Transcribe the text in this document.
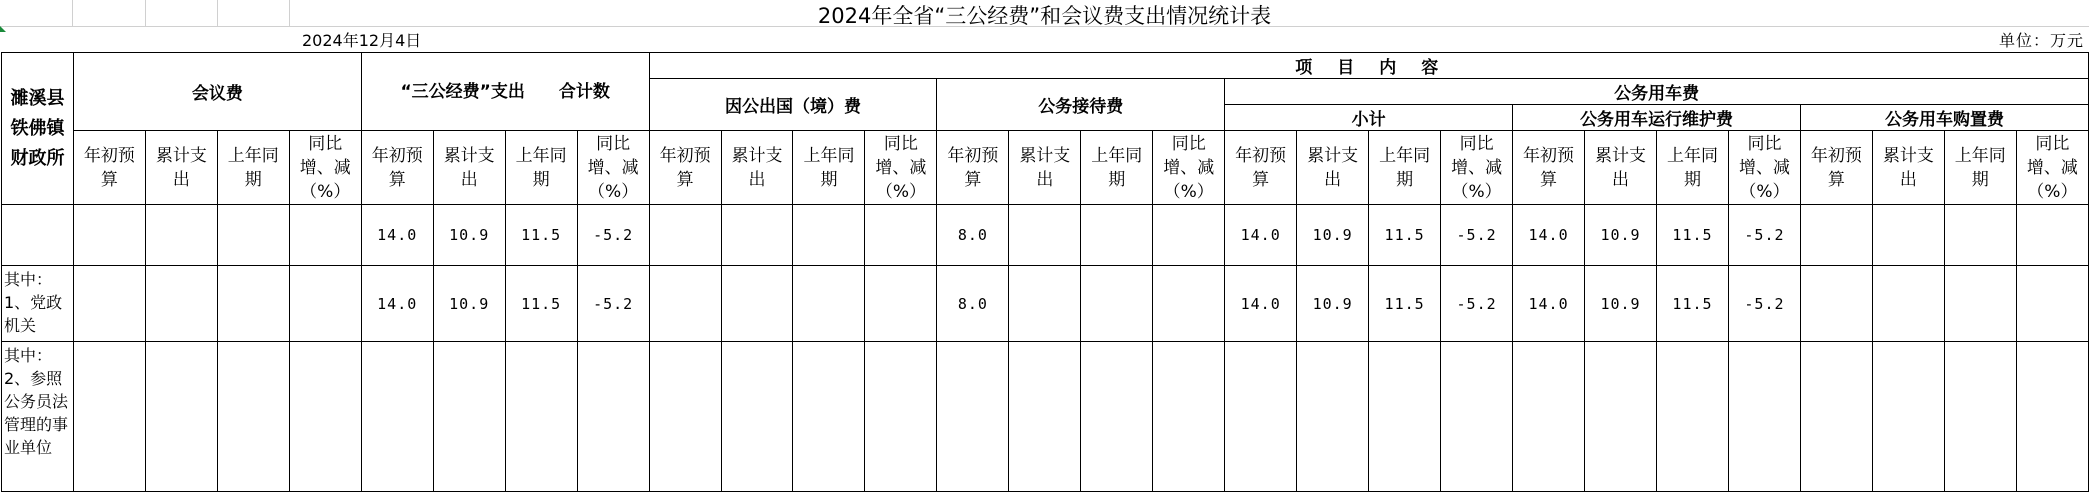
2024年全省“三公经费”和会议费支出情况统计表
2024年12月4日	单位：万元
濉溪县铁佛镇财政所	会议费				“三公经费”支出　　合计数				项　目　内　容																			
									因公出国（境）费				公务接待费				公务用车费											
																	小计				公务用车运行维护费				公务用车购置费			
	年初预算	累计支出	上年同期	同比增、减（%）	年初预算	累计支出	上年同期	同比增、减（%）	年初预算	累计支出	上年同期	同比增、减（%）	年初预算	累计支出	上年同期	同比增、减（%）	年初预算	累计支出	上年同期	同比增、减（%）	年初预算	累计支出	上年同期	同比增、减（%）	年初预算	累计支出	上年同期	同比增、减（%）
					14.0	10.9	11.5	-5.2					8.0				14.0	10.9	11.5	-5.2	14.0	10.9	11.5	-5.2				
其中：1、党政机关					14.0	10.9	11.5	-5.2					8.0				14.0	10.9	11.5	-5.2	14.0	10.9	11.5	-5.2				
其中：2、参照公务员法管理的事业单位																												
